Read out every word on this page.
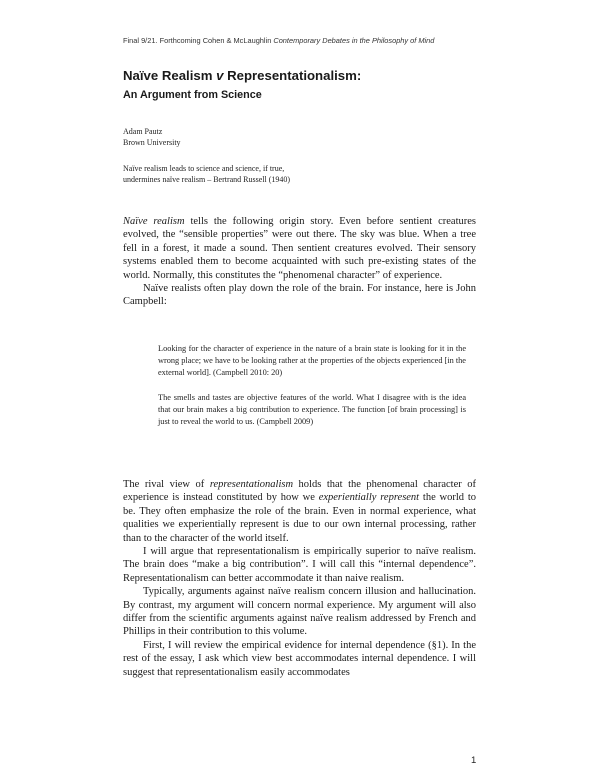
Final 9/21. Forthcoming Cohen & McLaughlin Contemporary Debates in the Philosophy of Mind
Naïve Realism v Representationalism:
An Argument from Science
Adam Pautz
Brown University
Naïve realism leads to science and science, if true,
undermines naïve realism – Bertrand Russell (1940)

Naïve realism tells the following origin story. Even before sentient creatures evolved, the “sensible properties” were out there. The sky was blue. When a tree fell in a forest, it made a sound. Then sentient creatures evolved. Their sensory systems enabled them to become acquainted with such pre-existing states of the world. Normally, this constitutes the “phenomenal character” of experience.

Naïve realists often play down the role of the brain. For instance, here is John Campbell:

Looking for the character of experience in the nature of a brain state is looking for it in the wrong place; we have to be looking rather at the properties of the objects experienced [in the external world]. (Campbell 2010: 20)

The smells and tastes are objective features of the world. What I disagree with is the idea that our brain makes a big contribution to experience. The function [of brain processing] is just to reveal the world to us. (Campbell 2009)

The rival view of representationalism holds that the phenomenal character of experience is instead constituted by how we experientially represent the world to be. They often emphasize the role of the brain. Even in normal experience, what qualities we experientially represent is due to our own internal processing, rather than to the character of the world itself.

I will argue that representationalism is empirically superior to naïve realism. The brain does “make a big contribution”. I will call this “internal dependence”. Representationalism can better accommodate it than naive realism.

Typically, arguments against naïve realism concern illusion and hallucination. By contrast, my argument will concern normal experience. My argument will also differ from the scientific arguments against naïve realism addressed by French and Phillips in their contribution to this volume.

First, I will review the empirical evidence for internal dependence (§1). In the rest of the essay, I ask which view best accommodates internal dependence. I will suggest that representationalism easily accommodates

1
